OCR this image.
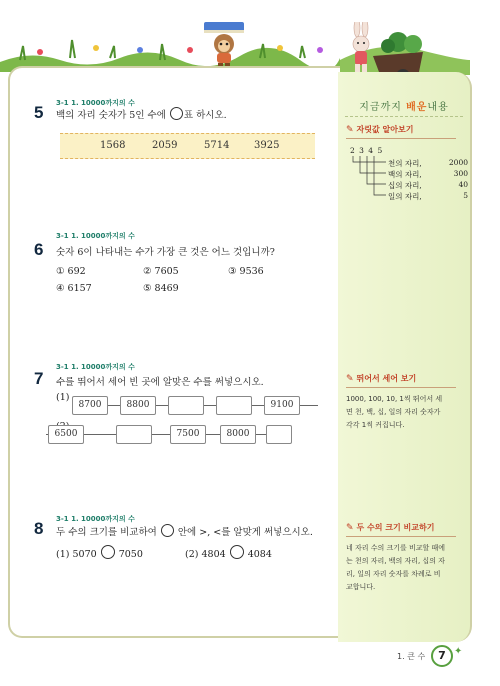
지금까지 배운내용
✎ 자릿값 알아보기
2 3 4 5
천의 자리,	2000
백의 자리,	300
십의 자리,	40
일의 자리,	5
✎ 뛰어서 세어 보기
1000, 100, 10, 1씩 뛰어서 세
면 천, 백, 십, 일의 자리 숫자가
각각 1씩 커집니다.
✎ 두 수의 크기 비교하기
네 자리 수의 크기를 비교할 때에
는 천의 자리, 백의 자리, 십의 자
리, 일의 자리 숫자를 차례로 비
교합니다.
3-1 1. 10000까지의 수
5 백의 자리 숫자가 5인 수에 표 하시오.
1568	2059	5714 3925
3-1 1. 10000까지의 수
6 숫자 6이 나타내는 수가 가장 큰 것은 어느 것입니까?
① 692	② 7605	③ 9536
④ 6157	⑤ 8469
3-1 1. 10000까지의 수
7 수를 뛰어서 세어 빈 곳에 알맞은 수를 써넣으시오.
(1)
8700	8800	9100
6500	7500	8000
3-1 1. 10000까지의 수
8 두 수의 크기를 비교하여  안에 >, <를 알맞게 써넣으시오.
(1) 5070 7050	(2) 4804 4084
1. 큰 수	7 ✦
